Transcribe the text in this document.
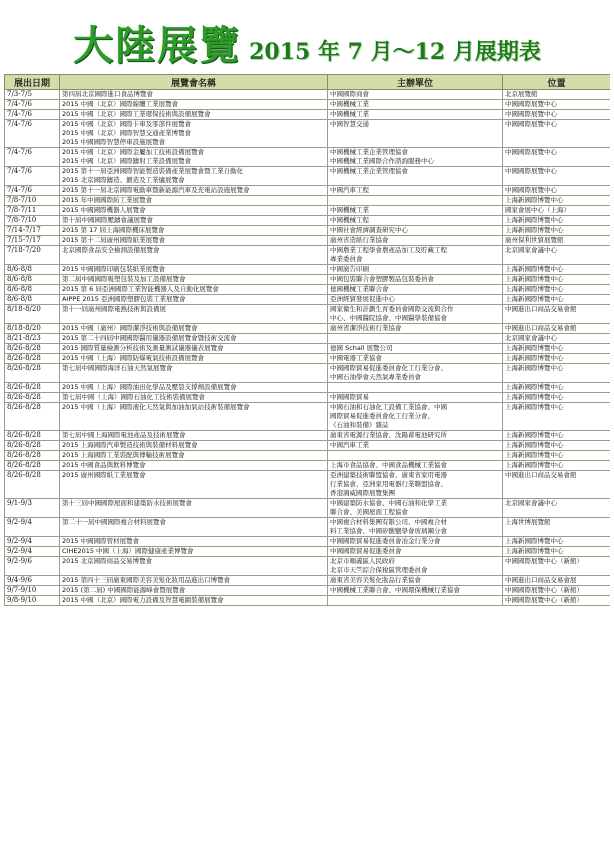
大陸展覽 2015 年 7 月～12 月展期表
展出日期	展覽會名稱	主辦單位	位置
7/3-7/5	第四屆北京國際進口食品博覽會	中國國際商會	北京展覽館

7/4-7/6	2015 中國（北京）國際線纜工業展覽會	中國機械工業	中國國際展覽中心

7/4-7/6	2015 中國（北京）國際工業環保技術與設備展覽會	中國機械工業	中國國際展覽中心

7/4-7/6	2015 中國（北京）國際卡車及零部件展覽會
2015 中國（北京）國際智慧交通產業博覽會
2015 中國國際智慧停車設施展覽會	中國智慧交通	中國國際展覽中心

7/4-7/6	2015 中國（北京）國際金屬加工技術設備展覽會
2015 中國（北京）國際鑄射工業設備展覽會	中國機械工業企業管理協會
中國機械工業國際合作諮詢服務中心	中國國際展覽中心

7/4-7/6	2015 第十一屆亞洲國際智能製造裝備產業展覽會暨工業自動化
2015 北京國際鑄造、鍛造及工業爐展覽會	中國機械工業企業管理協會	中國國際展覽中心

7/4-7/6	2015 第十一屆北京國際電動車暨新能源汽車及充電站設施展覽會	中國汽車工程	中國國際展覽中心

7/8-7/10	2015 年中國國際紡工業展覽會		上海新國際博覽中心

7/8-7/11	2015 中國國際機器人展覽會	中國機械工業	國家會展中心（上海）

7/8-7/10	第十屆中國國際壓鑄會議展覽會	中國機械工程	上海新國際博覽中心

7/14-7/17	2015 第 17 屆上海國際機床展覽會	中國社會經濟調查研究中心	上海新國際博覽中心

7/15-7/17	2015 第十二屆廣州國際紙業展覽會	廣州省造紙行業協會	廣州保利世貿展覽館

7/18-7/20	北京國際食品安全檢測設備展覽會	中國農業工程學會農產品加工及貯藏工程
專業委員會	北京國家會議中心

8/6-8/8	2015 中國國際印刷包裝紙業展覽會	中國廣告印刷	上海新國際博覽中心

8/6-8/8	第二屆中國國際吸塑包裝及加工設備展覽會	中國包裝聯合會塑膠製品包裝委員會	上海新國際博覽中心

8/6-8/8	2015 第 6 屆亞洲國際工業智能機器人及自動化展覽會	德國機械工業聯合會	上海新國際博覽中心

8/6-8/8	AIPPE 2015 亞洲國際塑膠包裝工業展覽會	亞洲經貿發展促進中心	上海新國際博覽中心

8/18-8/20	第十一屆廣州國際電熱技術與設備展	國家衛生和計劃生育委員會國際交流與合作
中心、中國醫院協會、中國醫學裝備協會	中國進出口商品交易會館

8/18-8/20	2015 中國（廣州）國際潔淨技術與設備展覽會	廣州省潔淨技術行業協會	中國進出口商品交易會館

8/21-8/23	2015 第二十四屆中國國際醫用儀器設備展覽會暨技術交流會		北京國家會議中心

8/26-8/28	2015 國際質量檢測分析技術及測量測試儀器儀表展覽會	德國 Schall 展覽公司	上海新國際博覽中心

8/26-8/28	2015 中國（上海）國際防爆電氣技術設備展覽會	中國電器工業協會	上海新國際博覽中心

8/26-8/28	第七屆中國國際海洋石油天然氣展覽會	中國國際貿易促進委員會化工行業分會、
中國石油學會天然氣專業委員會	上海新國際博覽中心

8/26-8/28	2015 中國（上海）國際油田化學品及壓裂支撐劑設備展覽會		上海新國際博覽中心

8/26-8/28	第七屆中國（上海）國際石油化工技術裝備展覽會	中國國際貿易	上海新國際博覽中心

8/26-8/28	2015 中國（上海）國際液化天然氣與加油加氣站技術裝備展覽會	中國石油和石油化工設備工業協會、中國
國際貿易促進委員會化工行業分會、
《石油和裝備》雜誌	上海新國際博覽中心

8/26-8/28	第七屆中國上海國際電池產品及技術展覽會	廣東省電源行業協會、沈陽蓄電池研究所	上海新國際博覽中心

8/26-8/28	2015 上海國際汽車製造技術與裝備材料展覽會	中國汽車工業	上海新國際博覽中心

8/26-8/28	2015 上海國際工業裝配與傳輸技術展覽會		上海新國際博覽中心

8/26-8/28	2015 中國食品與飲料博覽會	上海市食品協會、中國食品機械工業協會	上海新國際博覽中心

8/26-8/28	2015 廣州國際紙工業展覽會	亞洲建築技術聯盟協會、廣東省家用電器
行業協會、亞洲家用電器行業聯盟協會、
香港鴻威國際展覽集團	中國進出口商品交易會館

9/1-9/3	第十三屆中國國際屋面和建築防水技術展覽會	中國建築防水協會、中國石油和化學工業
聯合會、美國屋面工程協會	北京國家會議中心

9/2-9/4	第二十一屆中國國際複合材料展覽會	中國複合材料集團有限公司、中國複合材
料工業協會、中國矽酸鹽學會玻璃鋼分會	上海世博展覽館

9/2-9/4	2015 中國國際管材展覽會	中國國際貿易促進委員會冶金行業分會	上海新國際博覽中心

9/2-9/4	CIHE2015 中國（上海）國際健康產業博覽會	中國國際貿易促進委員會	上海新國際博覽中心

9/2-9/6	2015 北京國際商品交易博覽會	北京市順義區人民政府
北京市天竺綜合保稅區管理委員會	中國國際展覽中心（新館）

9/4-9/6	2015 第四十三屆廣東國際美容美髮化妝用品進出口博覽會	廣東省美容美髮化妝品行業協會	中國進出口商品交易會展

9/7-9/10	2015 (第二屆) 中國國際能源峰會暨展覽會	中國機械工業聯合會、中國環保機械行業協會	中國國際展覽中心（新館）

9/8-9/10	2015 中國（北京）國際電力設備及智慧電網裝備展覽會		中國國際展覽中心（新館）
